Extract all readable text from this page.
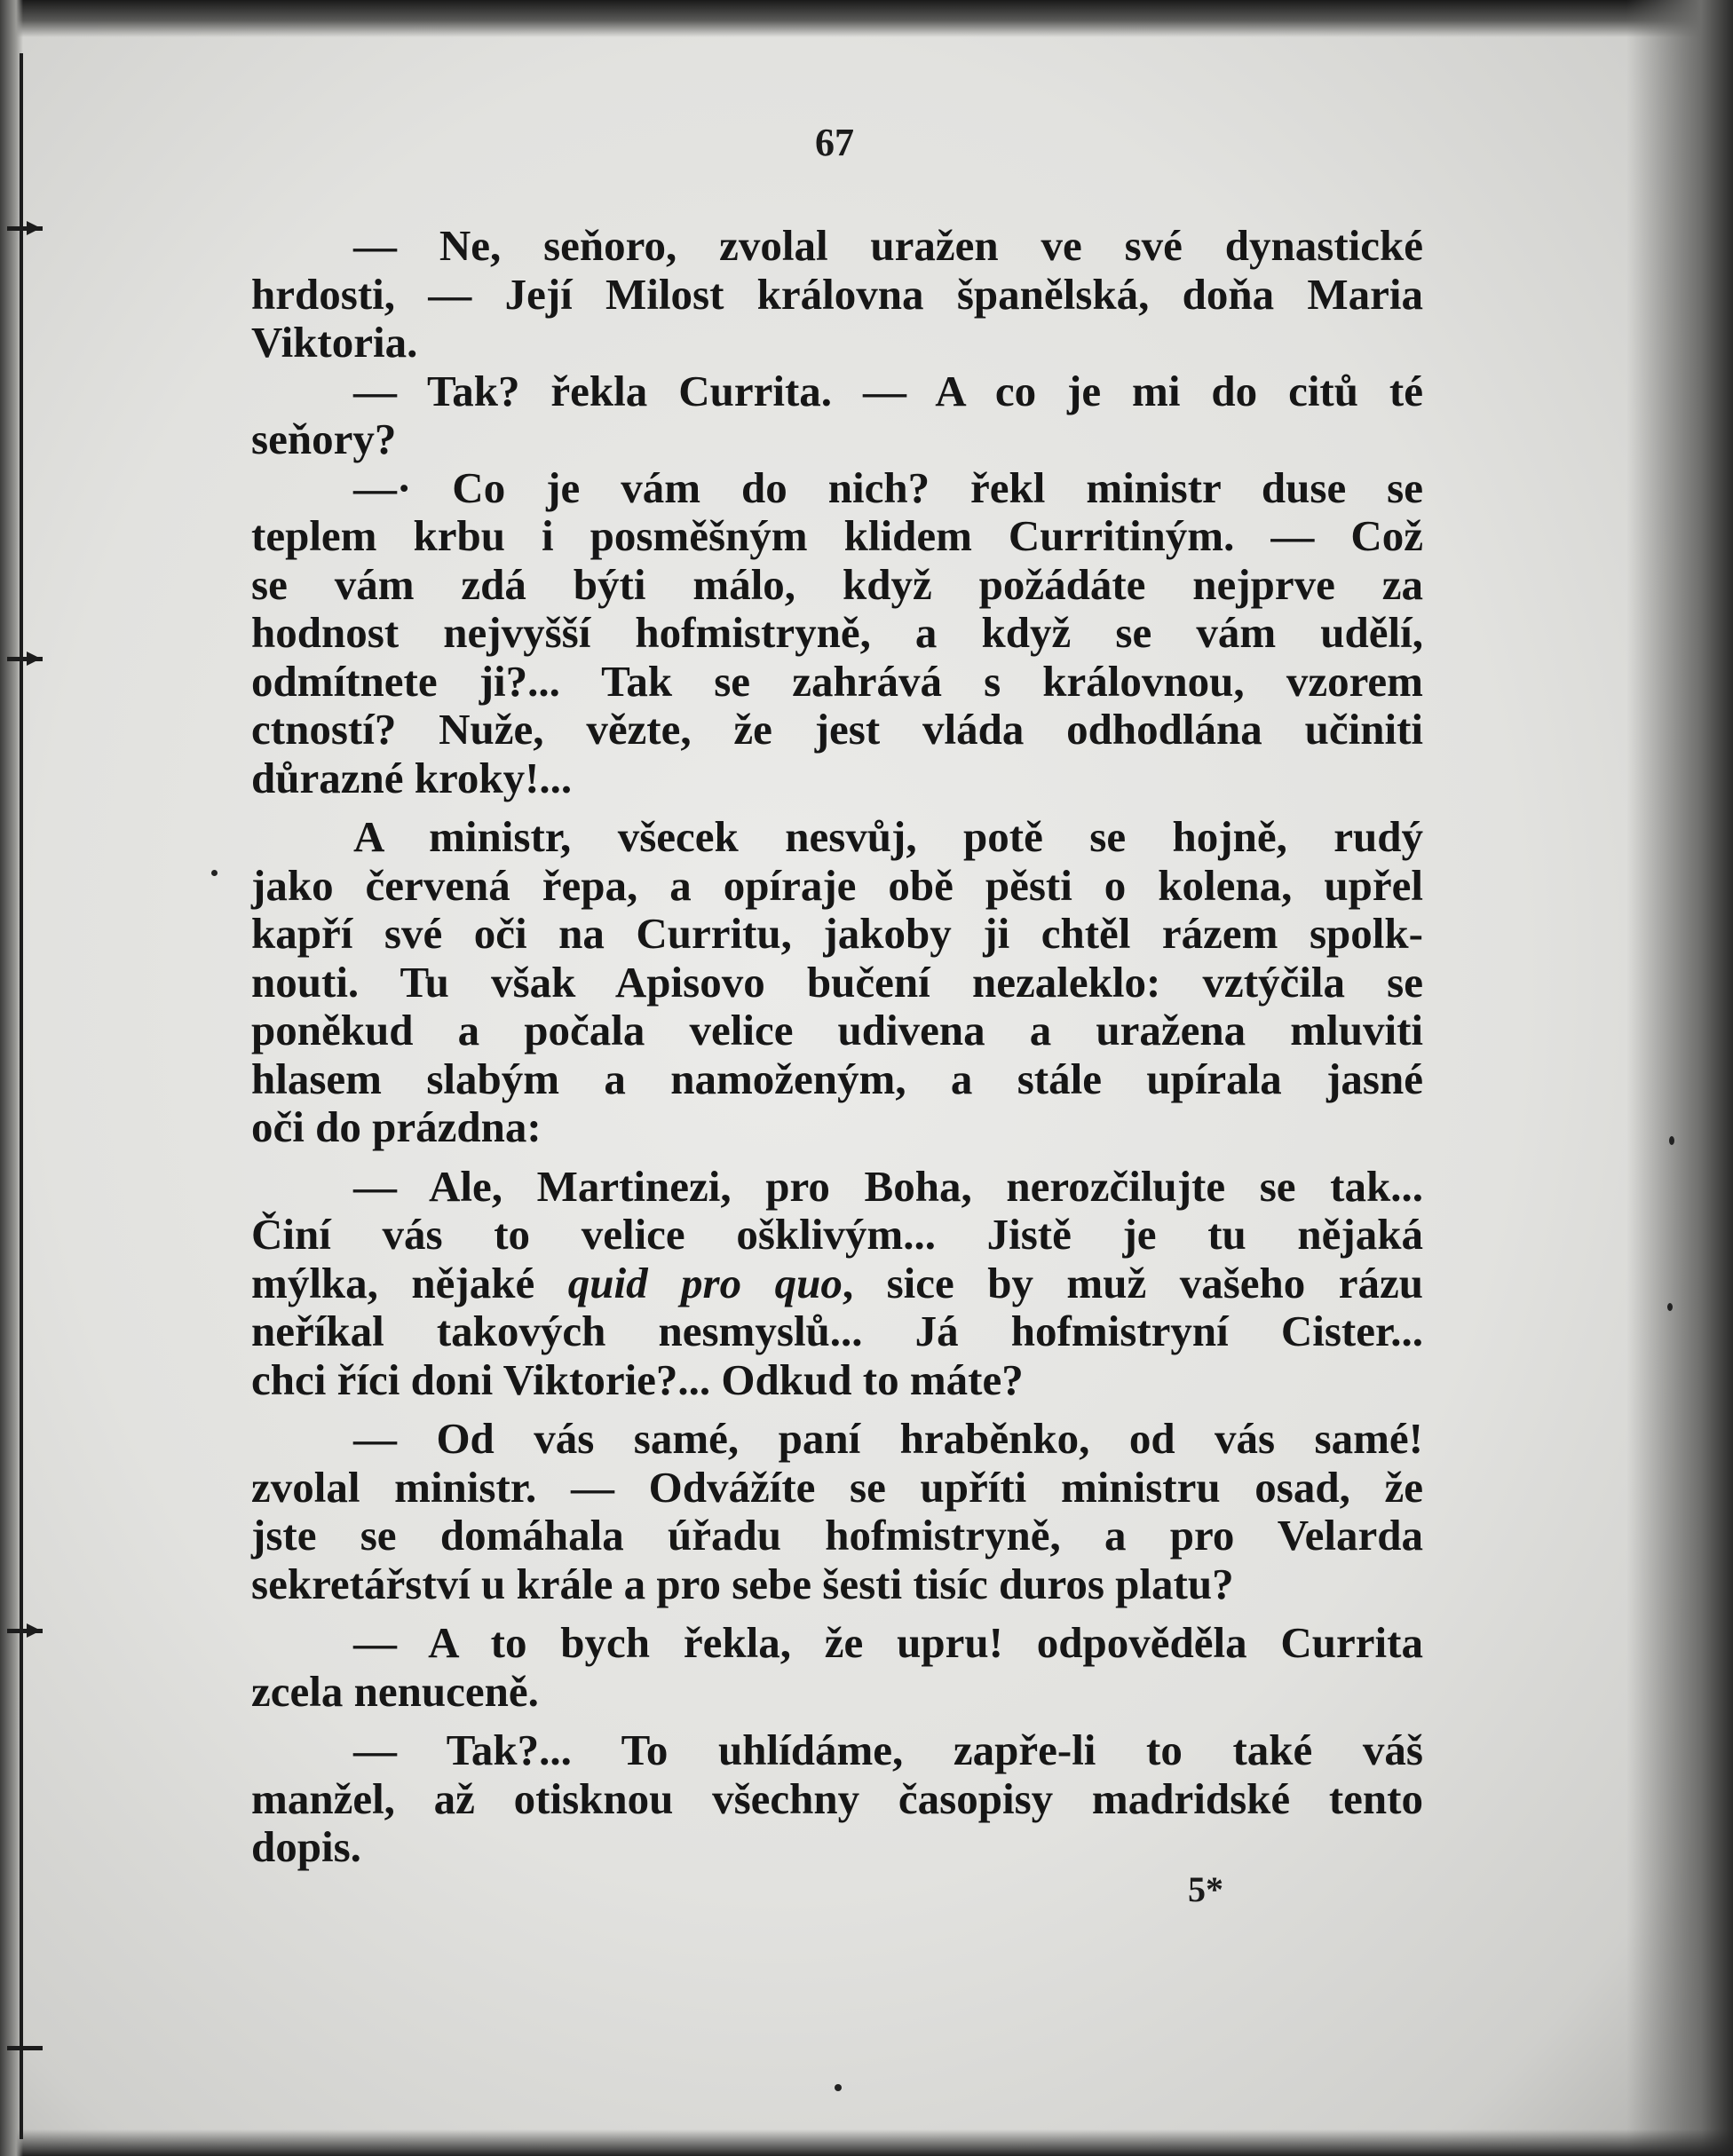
67
— Ne, seňoro, zvolal uražen ve své dynastické
hrdosti, — Její Milost královna španělská, doňa Maria
Viktoria.
— Tak? řekla Currita. — A co je mi do citů té
seňory?
—· Co je vám do nich? řekl ministr duse se
teplem krbu i posměšným klidem Curritiným. — Což
se vám zdá býti málo, když požádáte nejprve za
hodnost nejvyšší hofmistryně, a když se vám udělí,
odmítnete ji?... Tak se zahrává s královnou, vzorem
ctností? Nuže, vězte, že jest vláda odhodlána učiniti
důrazné kroky!...
A ministr, všecek nesvůj, potě se hojně, rudý
jako červená řepa, a opíraje obě pěsti o kolena, upřel
kapří své oči na Curritu, jakoby ji chtěl rázem spolk-
nouti. Tu však Apisovo bučení nezaleklo: vztýčila se
poněkud a počala velice udivena a uražena mluviti
hlasem slabým a namoženým, a stále upírala jasné
oči do prázdna:
— Ale, Martinezi, pro Boha, nerozčilujte se tak...
Činí vás to velice ošklivým... Jistě je tu nějaká
mýlka, nějaké quid pro quo, sice by muž vašeho rázu
neříkal takových nesmyslů... Já hofmistryní Cister...
chci říci doni Viktorie?... Odkud to máte?
— Od vás samé, paní hraběnko, od vás samé!
zvolal ministr. — Odvážíte se upříti ministru osad, že
jste se domáhala úřadu hofmistryně, a pro Velarda
sekretářství u krále a pro sebe šesti tisíc duros platu?
— A to bych řekla, že upru! odpověděla Currita
zcela nenuceně.
— Tak?... To uhlídáme, zapře-li to také váš
manžel, až otisknou všechny časopisy madridské tento
dopis.
5*
